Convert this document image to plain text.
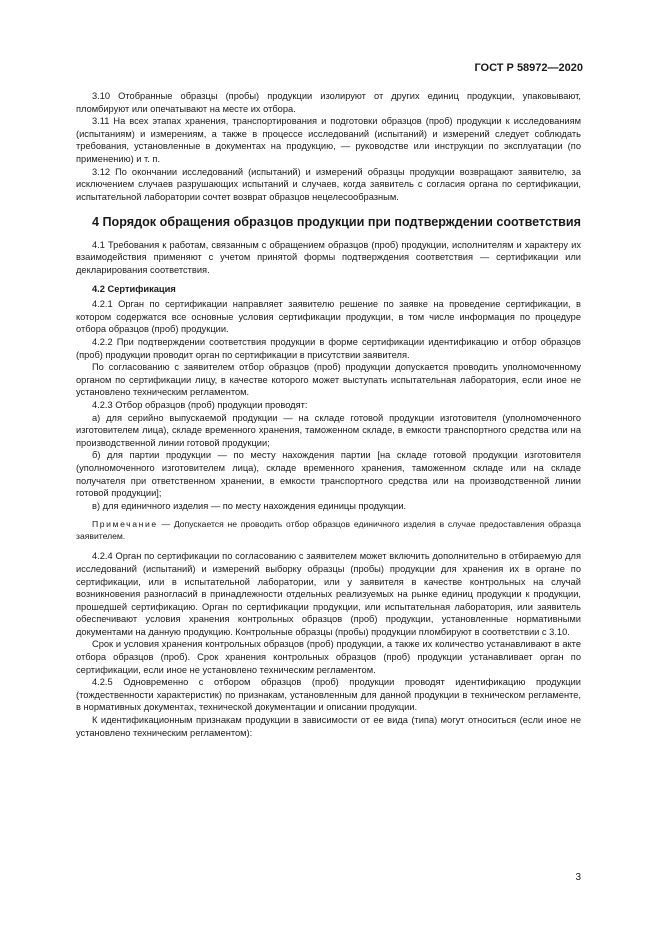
ГОСТ Р 58972—2020

3.10 Отобранные образцы (пробы) продукции изолируют от других единиц продукции, упаковывают, пломбируют или опечатывают на месте их отбора.

3.11 На всех этапах хранения, транспортирования и подготовки образцов (проб) продукции к исследованиям (испытаниям) и измерениям, а также в процессе исследований (испытаний) и измерений следует соблюдать требования, установленные в документах на продукцию, — руководстве или инструкции по эксплуатации (по применению) и т. п.

3.12 По окончании исследований (испытаний) и измерений образцы продукции возвращают заявителю, за исключением случаев разрушающих испытаний и случаев, когда заявитель с согласия органа по сертификации, испытательной лаборатории сочтет возврат образцов нецелесообразным.

4 Порядок обращения образцов продукции при подтверждении соответствия

4.1 Требования к работам, связанным с обращением образцов (проб) продукции, исполнителям и характеру их взаимодействия применяют с учетом принятой формы подтверждения соответствия — сертификации или декларирования соответствия.

4.2 Сертификация

4.2.1 Орган по сертификации направляет заявителю решение по заявке на проведение сертификации, в котором содержатся все основные условия сертификации продукции, в том числе информация по процедуре отбора образцов (проб) продукции.

4.2.2 При подтверждении соответствия продукции в форме сертификации идентификацию и отбор образцов (проб) продукции проводит орган по сертификации в присутствии заявителя.

По согласованию с заявителем отбор образцов (проб) продукции допускается проводить уполномоченному органом по сертификации лицу, в качестве которого может выступать испытательная лаборатория, если иное не установлено техническим регламентом.

4.2.3 Отбор образцов (проб) продукции проводят:

а) для серийно выпускаемой продукции — на складе готовой продукции изготовителя (уполномоченного изготовителем лица), складе временного хранения, таможенном складе, в емкости транспортного средства или на производственной линии готовой продукции;

б) для партии продукции — по месту нахождения партии [на складе готовой продукции изготовителя (уполномоченного изготовителем лица), складе временного хранения, таможенном складе или на складе получателя при ответственном хранении, в емкости транспортного средства или на производственной линии готовой продукции];

в) для единичного изделия — по месту нахождения единицы продукции.

Примечание — Допускается не проводить отбор образцов единичного изделия в случае предоставления образца заявителем.

4.2.4 Орган по сертификации по согласованию с заявителем может включить дополнительно в отбираемую для исследований (испытаний) и измерений выборку образцы (пробы) продукции для хранения их в органе по сертификации, или в испытательной лаборатории, или у заявителя в качестве контрольных на случай возникновения разногласий в принадлежности отдельных реализуемых на рынке единиц продукции к продукции, прошедшей сертификацию. Орган по сертификации продукции, или испытательная лаборатория, или заявитель обеспечивают условия хранения контрольных образцов (проб) продукции, установленные нормативными документами на данную продукцию. Контрольные образцы (пробы) продукции пломбируют в соответствии с 3.10.

Срок и условия хранения контрольных образцов (проб) продукции, а также их количество устанавливают в акте отбора образцов (проб). Срок хранения контрольных образцов (проб) продукции устанавливает орган по сертификации, если иное не установлено техническим регламентом.

4.2.5 Одновременно с отбором образцов (проб) продукции проводят идентификацию продукции (тождественности характеристик) по признакам, установленным для данной продукции в техническом регламенте, в нормативных документах, технической документации и описании продукции.

К идентификационным признакам продукции в зависимости от ее вида (типа) могут относиться (если иное не установлено техническим регламентом):

3
